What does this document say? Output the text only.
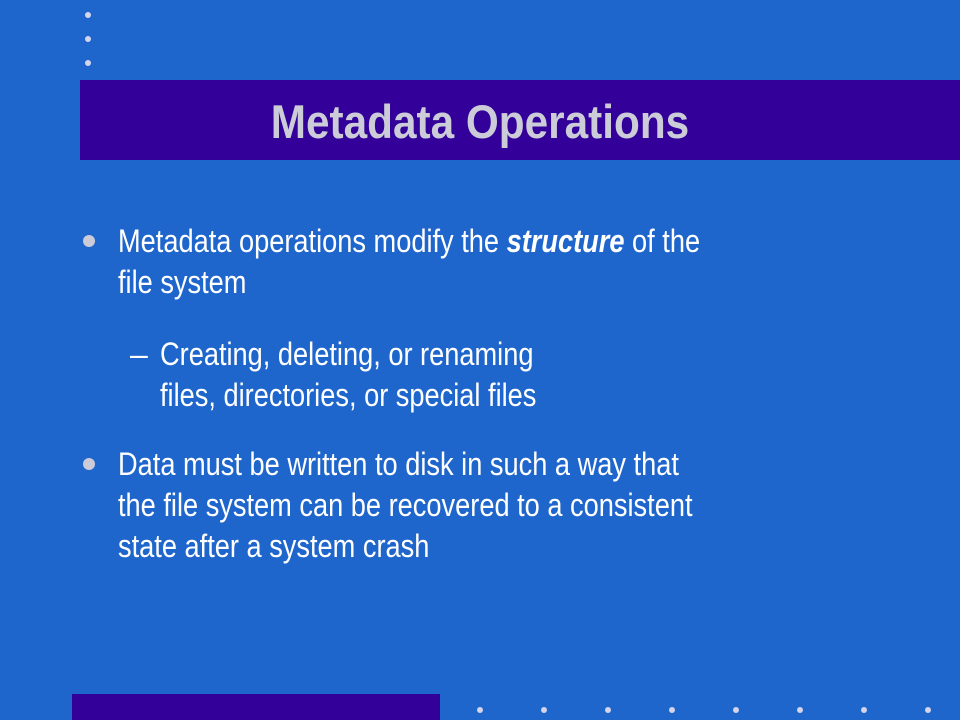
Metadata Operations
Metadata operations modify the structure of the
file system
– Creating, deleting, or renaming
files, directories, or special files
Data must be written to disk in such a way that
the file system can be recovered to a consistent
state after a system crash
